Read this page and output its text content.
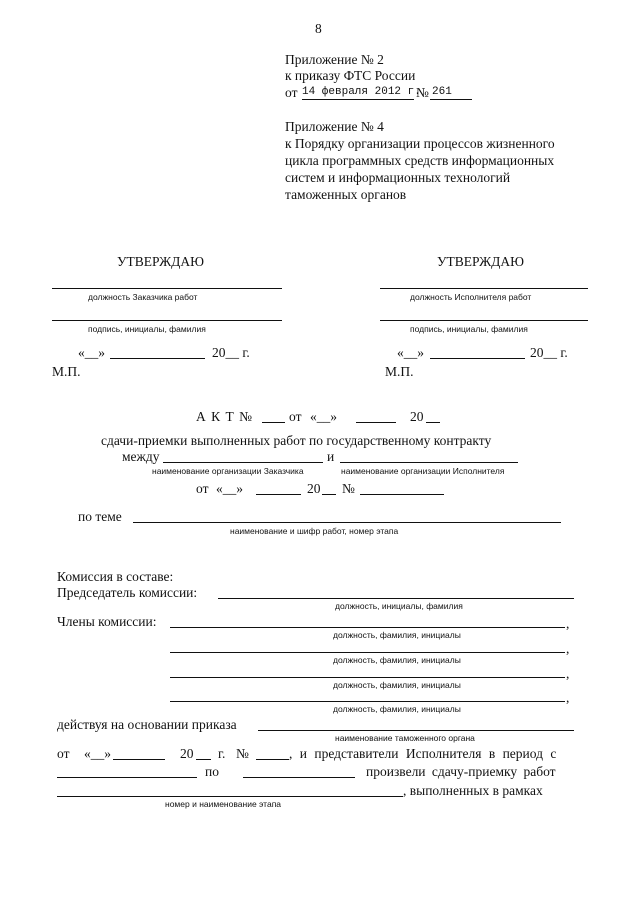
8
Приложение № 2
к приказу ФТС России
от 14 февраля 2012 г.
№ 261
Приложение № 4
к Порядку организации процессов жизненного
цикла программных средств информационных
систем и информационных технологий
таможенных органов
УТВЕРЖДАЮ
должность Заказчика работ
подпись, инициалы, фамилия
«__»	20__ г.
М.П.
УТВЕРЖДАЮ
должность Исполнителя работ
подпись, инициалы, фамилия
«__»	20__ г.
М.П.
А К Т №	от «__»	20
сдачи-приемки выполненных работ по государственному контракту
между	и
наименование организации Заказчика	наименование организации Исполнителя
от «__»	20 №
по теме
наименование и шифр работ, номер этапа
Комиссия в составе:
Председатель комиссии:
должность, инициалы, фамилия
Члены комиссии:	,
должность, фамилия, инициалы
,
должность, фамилия, инициалы
,
должность, фамилия, инициалы
,
должность, фамилия, инициалы
действуя на основании приказа
наименование таможенного органа
от «__»	20 г. №	, и представители Исполнителя в период с
по	произвели сдачу-приемку работ
, выполненных в рамках
номер и наименование этапа
